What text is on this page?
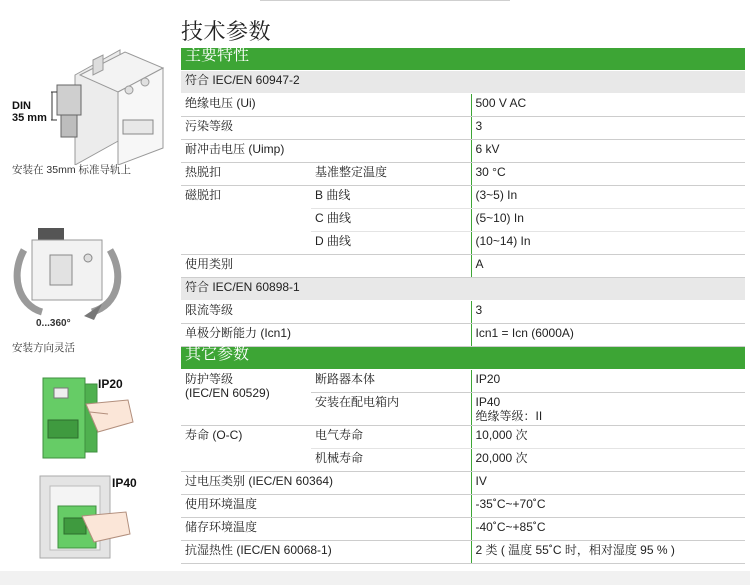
DIN
35 mm
安装在 35mm 标准导轨上
0...360°
安装方向灵活
IP20
IP40
技术参数
主要特性		
符合 IEC/EN 60947-2		
绝缘电压 (Ui)		500 V AC
污染等级		3
耐冲击电压 (Uimp)		6 kV
热脱扣	基准整定温度	30 °C
磁脱扣	B 曲线	(3~5) In
	C 曲线	(5~10) In
	D 曲线	(10~14) In
使用类别		A
符合 IEC/EN 60898-1		
限流等级		3
单极分断能力 (Icn1)		Icn1 = Icn (6000A)
其它参数		

防护等级
(IEC/EN 60529)	断路器本体	IP20
	安装在配电箱内	IP40
绝缘等级：II

寿命 (O-C)	电气寿命	10,000 次
	机械寿命	20,000 次
过电压类别 (IEC/EN 60364)		IV
使用环境温度		-35˚C~+70˚C
储存环境温度		-40˚C~+85˚C
抗湿热性 (IEC/EN 60068-1)		2 类 ( 温度 55˚C 时，相对湿度 95 % )
